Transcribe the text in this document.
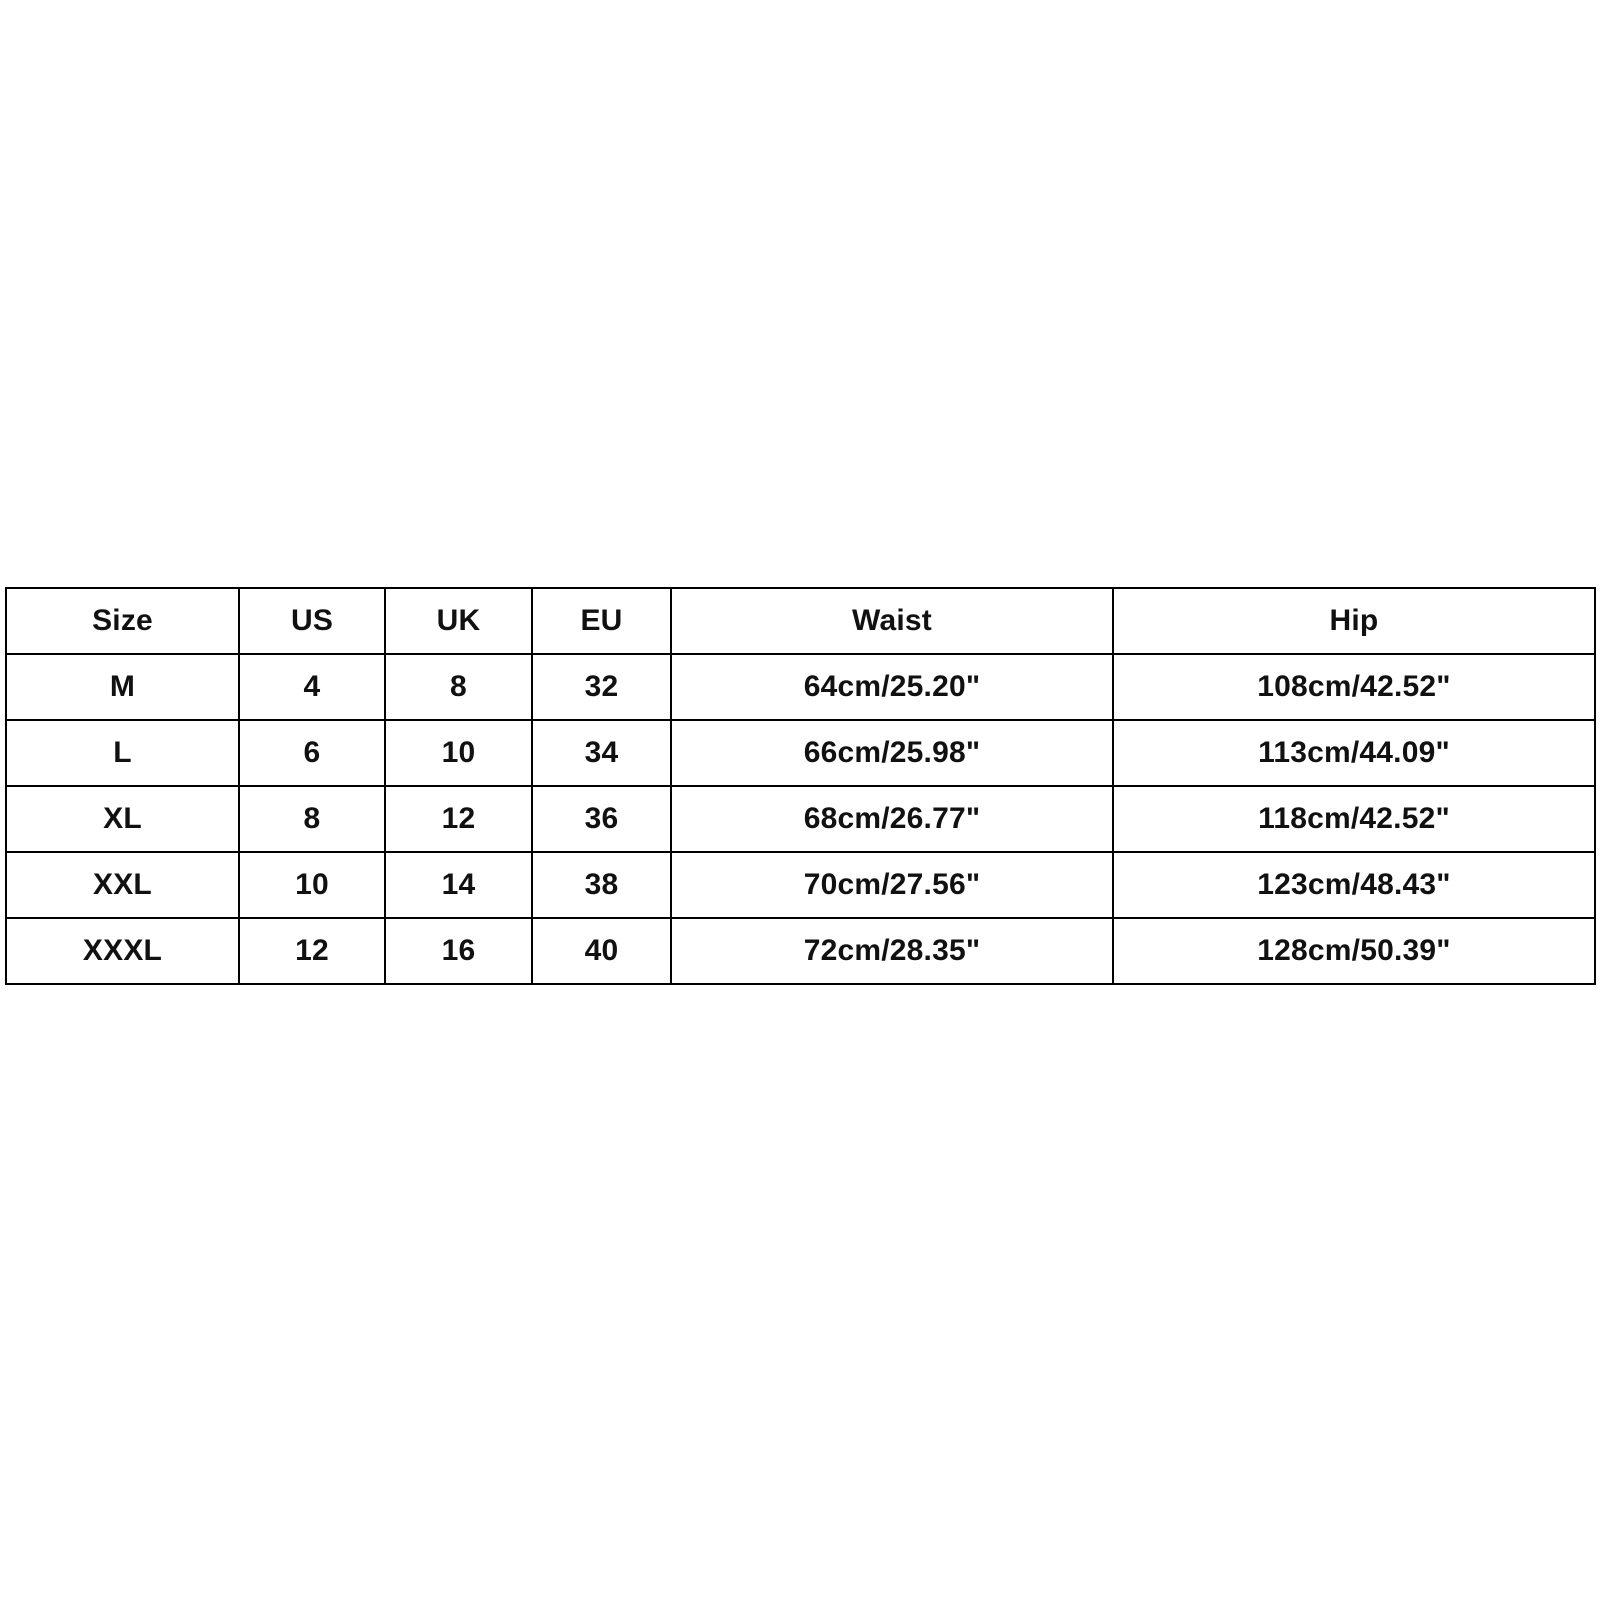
Size	US	UK	EU	Waist	Hip
M	4	8	32	64cm/25.20"	108cm/42.52"
L	6	10	34	66cm/25.98"	113cm/44.09"
XL	8	12	36	68cm/26.77"	118cm/42.52"
XXL	10	14	38	70cm/27.56"	123cm/48.43"
XXXL	12	16	40	72cm/28.35"	128cm/50.39"
